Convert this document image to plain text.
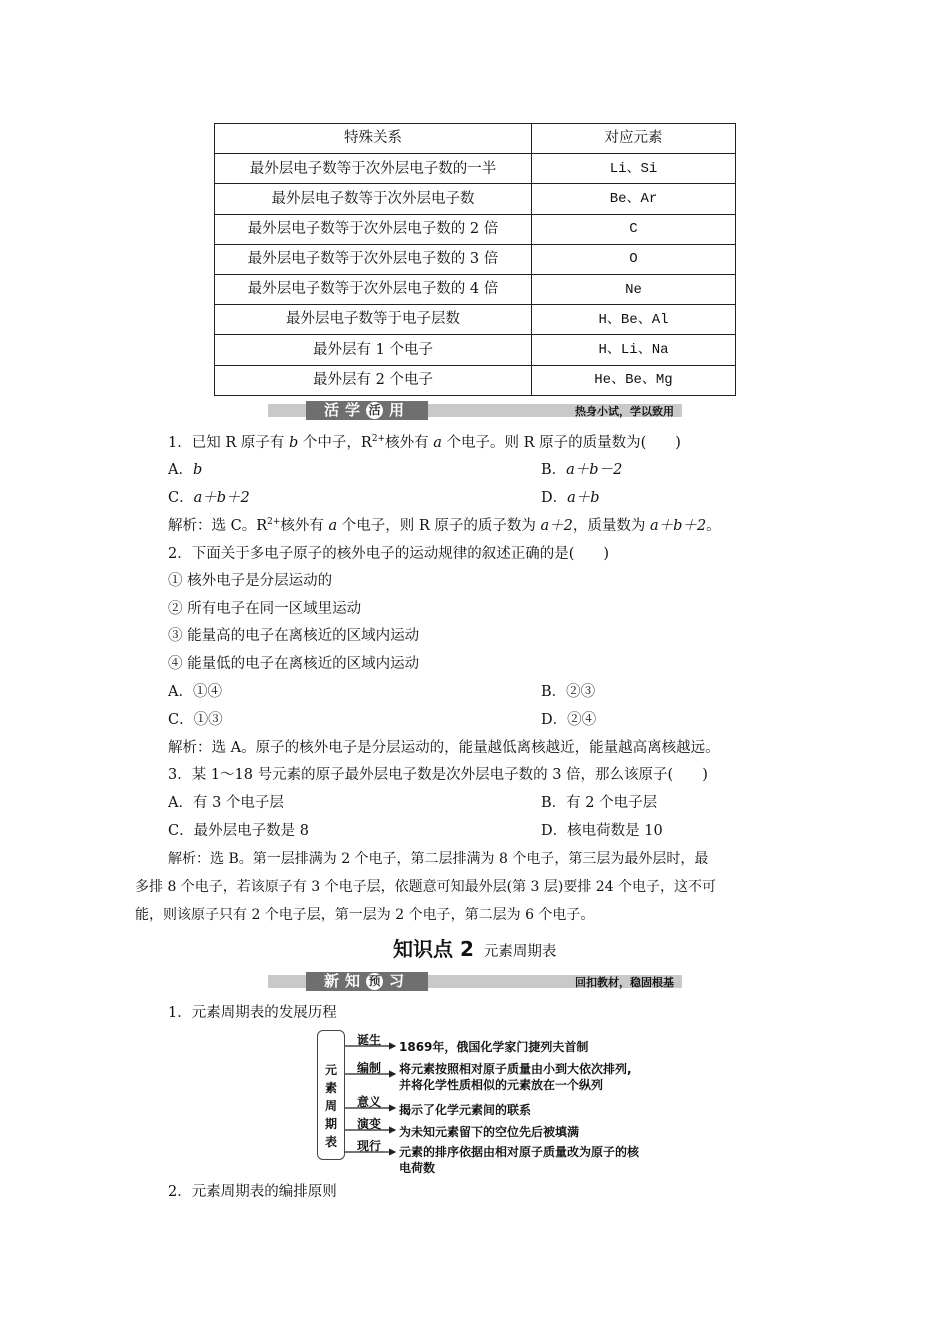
特殊关系	对应元素
最外层电子数等于次外层电子数的一半	Li、Si
最外层电子数等于次外层电子数	Be、Ar
最外层电子数等于次外层电子数的 2 倍	C
最外层电子数等于次外层电子数的 3 倍	O
最外层电子数等于次外层电子数的 4 倍	Ne
最外层电子数等于电子层数	H、Be、Al
最外层有 1 个电子	H、Li、Na
最外层有 2 个电子	He、Be、Mg
活学 活 用	热身小试，学以致用
1．已知 R 原子有 b 个中子，$R^{2+}$核外有 a 个电子。则 R 原子的质量数为(　　)
A．b	B．a＋b－2
C．a＋b＋2	D．a＋b
解析：选 C。$R^{2+}$核外有 a 个电子，则 R 原子的质子数为 a＋2，质量数为 a＋b＋2。
2．下面关于多电子原子的核外电子的运动规律的叙述正确的是(　　)
① 核外电子是分层运动的
② 所有电子在同一区域里运动
③ 能量高的电子在离核近的区域内运动
④ 能量低的电子在离核近的区域内运动
A．①④	B．②③
C．①③	D．②④
解析：选 A。原子的核外电子是分层运动的，能量越低离核越近，能量越高离核越远。
3．某 1～18 号元素的原子最外层电子数是次外层电子数的 3 倍，那么该原子(　　)
A．有 3 个电子层	B．有 2 个电子层
C．最外层电子数是 8	D．核电荷数是 10
解析：选 B。第一层排满为 2 个电子，第二层排满为 8 个电子，第三层为最外层时，最
多排 8 个电子，若该原子有 3 个电子层，依题意可知最外层(第 3 层)要排 24 个电子，这不可
能，则该原子只有 2 个电子层，第一层为 2 个电子，第二层为 6 个电子。
知识点 2 元素周期表
新知 预 习	回扣教材，稳固根基
1．元素周期表的发展历程
元
素
周
期
表
诞生 1869年，俄国化学家门捷列夫首制
编制 将元素按照相对原子质量由小到大依次排列,
并将化学性质相似的元素放在一个纵列
意义
揭示了化学元素间的联系
演变
为未知元素留下的空位先后被填满
现行 元素的排序依据由相对原子质量改为原子的核
电荷数
2．元素周期表的编排原则
